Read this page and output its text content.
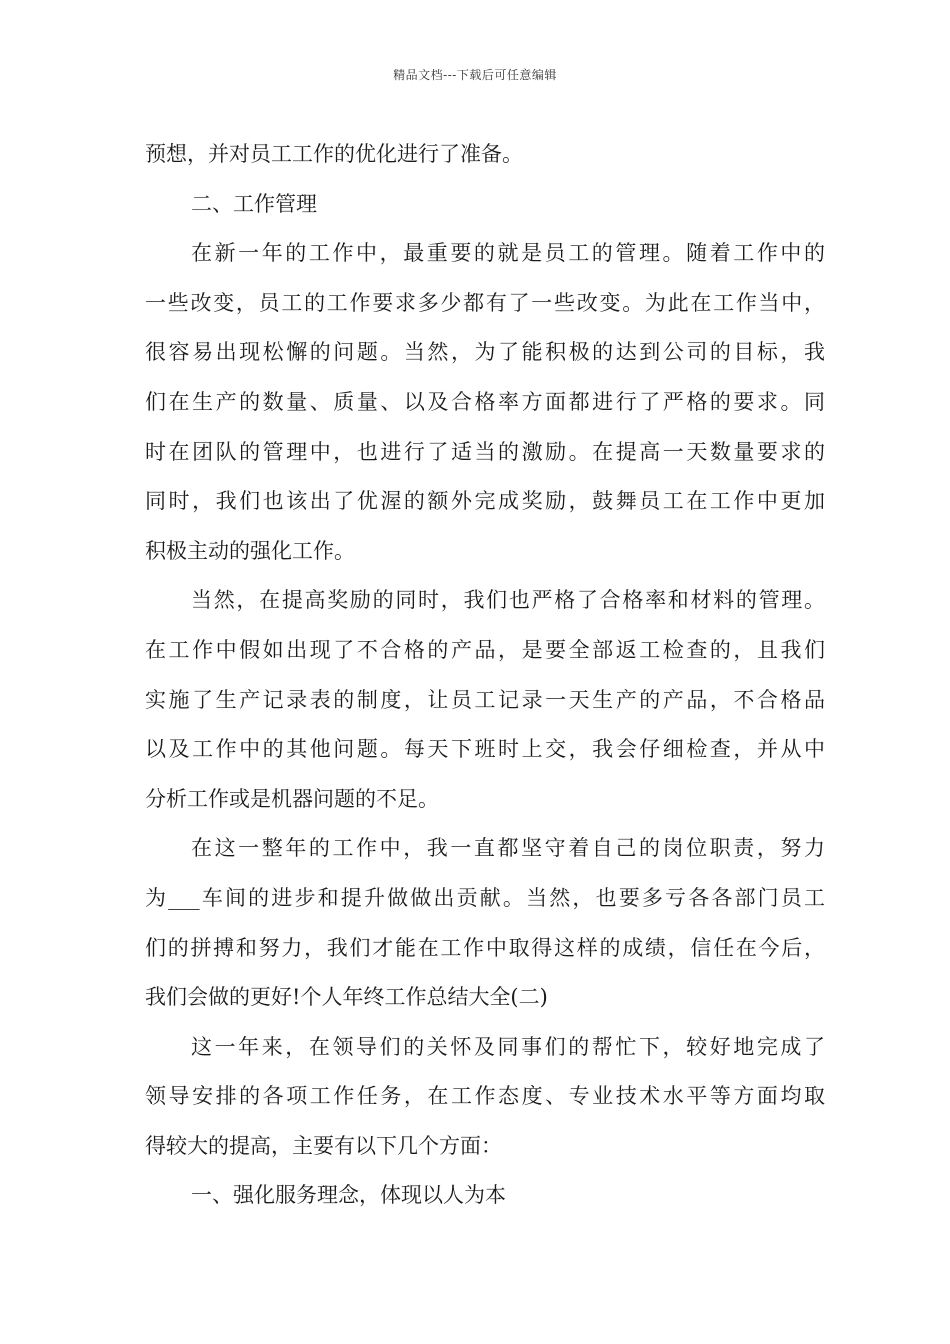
精品文档---下载后可任意编辑
预想，并对员工工作的优化进行了准备。
二、工作管理
在新一年的工作中，最重要的就是员工的管理。随着工作中的
一些改变，员工的工作要求多少都有了一些改变。为此在工作当中，
很容易出现松懈的问题。当然，为了能积极的达到公司的目标，我
们在生产的数量、质量、以及合格率方面都进行了严格的要求。同
时在团队的管理中，也进行了适当的激励。在提高一天数量要求的
同时，我们也该出了优渥的额外完成奖励，鼓舞员工在工作中更加
积极主动的强化工作。
当然，在提高奖励的同时，我们也严格了合格率和材料的管理。
在工作中假如出现了不合格的产品，是要全部返工检查的，且我们
实施了生产记录表的制度，让员工记录一天生产的产品，不合格品
以及工作中的其他问题。每天下班时上交，我会仔细检查，并从中
分析工作或是机器问题的不足。
在这一整年的工作中，我一直都坚守着自己的岗位职责，努力
为___车间的进步和提升做做出贡献。当然，也要多亏各各部门员工
们的拼搏和努力，我们才能在工作中取得这样的成绩，信任在今后，
我们会做的更好!个人年终工作总结大全(二)
这一年来，在领导们的关怀及同事们的帮忙下，较好地完成了
领导安排的各项工作任务，在工作态度、专业技术水平等方面均取
得较大的提高，主要有以下几个方面：
一、强化服务理念，体现以人为本
